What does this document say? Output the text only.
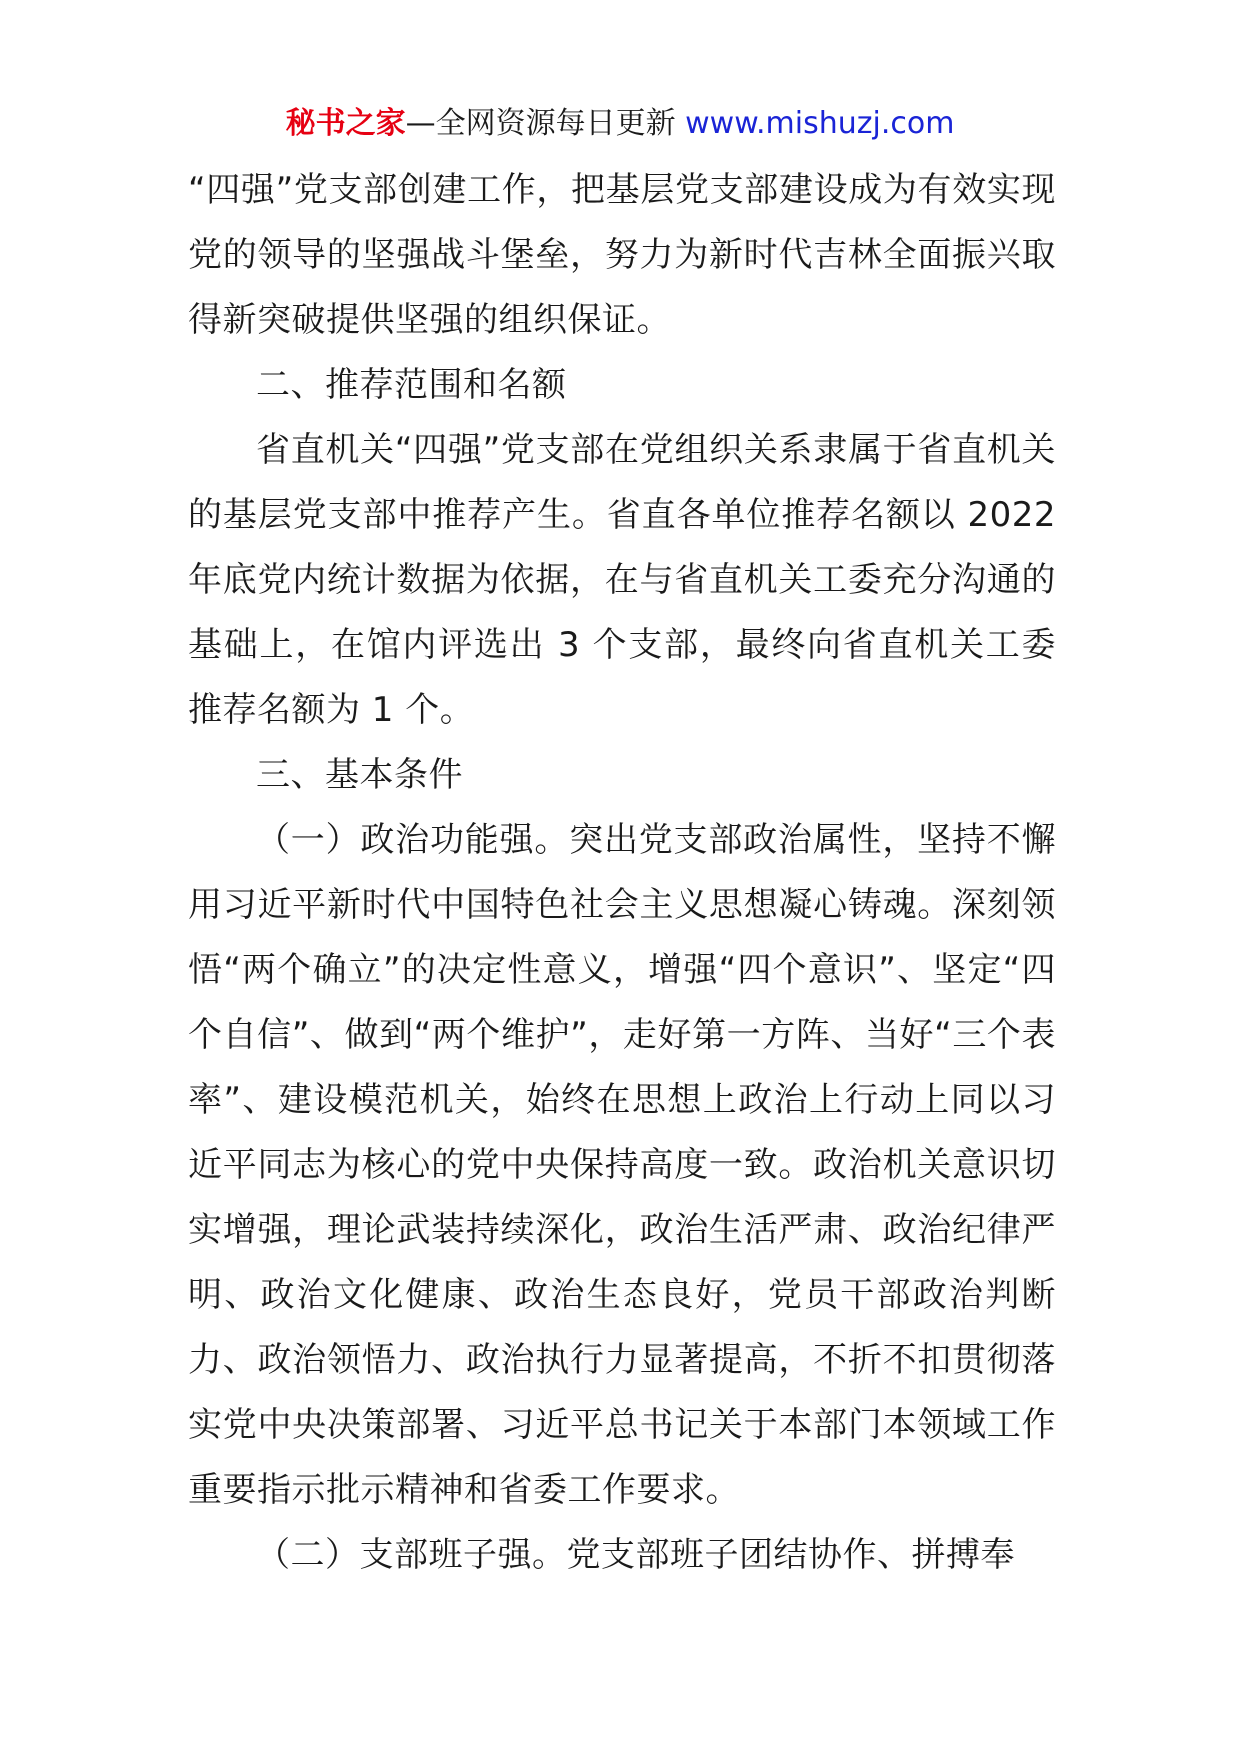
秘书之家—全网资源每日更新 www.mishuzj.com

“四强”党支部创建工作，把基层党支部建设成为有效实现党的领导的坚强战斗堡垒，努力为新时代吉林全面振兴取得新突破提供坚强的组织保证。

二、推荐范围和名额

省直机关“四强”党支部在党组织关系隶属于省直机关的基层党支部中推荐产生。省直各单位推荐名额以 2022 年底党内统计数据为依据，在与省直机关工委充分沟通的基础上，在馆内评选出 3 个支部，最终向省直机关工委推荐名额为 1 个。

三、基本条件

（一）政治功能强。突出党支部政治属性，坚持不懈用习近平新时代中国特色社会主义思想凝心铸魂。深刻领悟“两个确立”的决定性意义，增强“四个意识”、坚定“四个自信”、做到“两个维护”，走好第一方阵、当好“三个表率”、建设模范机关，始终在思想上政治上行动上同以习近平同志为核心的党中央保持高度一致。政治机关意识切实增强，理论武装持续深化，政治生活严肃、政治纪律严明、政治文化健康、政治生态良好，党员干部政治判断力、政治领悟力、政治执行力显著提高，不折不扣贯彻落实党中央决策部署、习近平总书记关于本部门本领域工作重要指示批示精神和省委工作要求。

（二）支部班子强。党支部班子团结协作、拼搏奉
